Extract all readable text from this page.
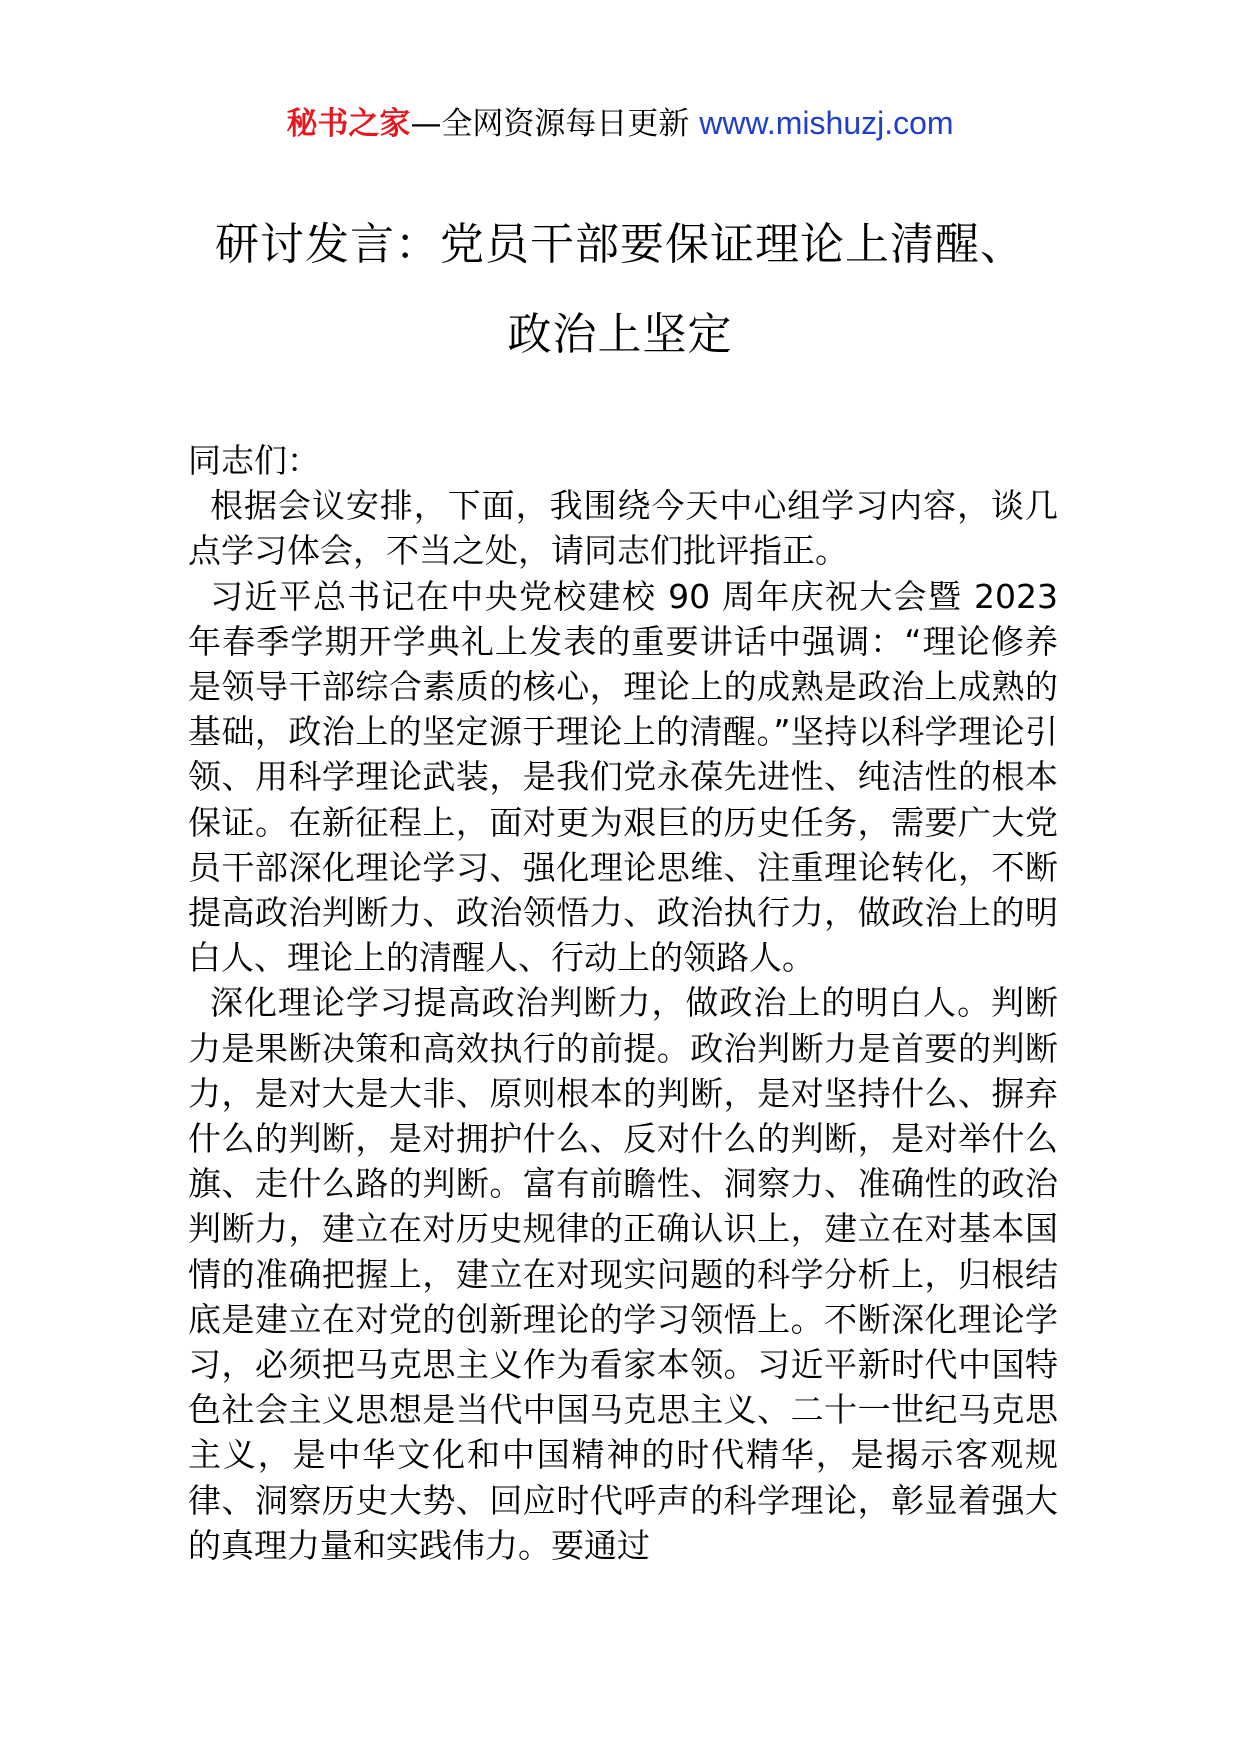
秘书之家—全网资源每日更新 www.mishuzj.com
研讨发言：党员干部要保证理论上清醒、
政治上坚定

同志们：

根据会议安排，下面，我围绕今天中心组学习内容，谈几点学习体会，不当之处，请同志们批评指正。

习近平总书记在中央党校建校 90 周年庆祝大会暨 2023 年春季学期开学典礼上发表的重要讲话中强调：“理论修养是领导干部综合素质的核心，理论上的成熟是政治上成熟的基础，政治上的坚定源于理论上的清醒。”坚持以科学理论引领、用科学理论武装，是我们党永葆先进性、纯洁性的根本保证。在新征程上，面对更为艰巨的历史任务，需要广大党员干部深化理论学习、强化理论思维、注重理论转化，不断提高政治判断力、政治领悟力、政治执行力，做政治上的明白人、理论上的清醒人、行动上的领路人。

深化理论学习提高政治判断力，做政治上的明白人。判断力是果断决策和高效执行的前提。政治判断力是首要的判断力，是对大是大非、原则根本的判断，是对坚持什么、摒弃什么的判断，是对拥护什么、反对什么的判断，是对举什么旗、走什么路的判断。富有前瞻性、洞察力、准确性的政治判断力，建立在对历史规律的正确认识上，建立在对基本国情的准确把握上，建立在对现实问题的科学分析上，归根结底是建立在对党的创新理论的学习领悟上。不断深化理论学习，必须把马克思主义作为看家本领。习近平新时代中国特色社会主义思想是当代中国马克思主义、二十一世纪马克思主义，是中华文化和中国精神的时代精华，是揭示客观规律、洞察历史大势、回应时代呼声的科学理论，彰显着强大的真理力量和实践伟力。要通过
